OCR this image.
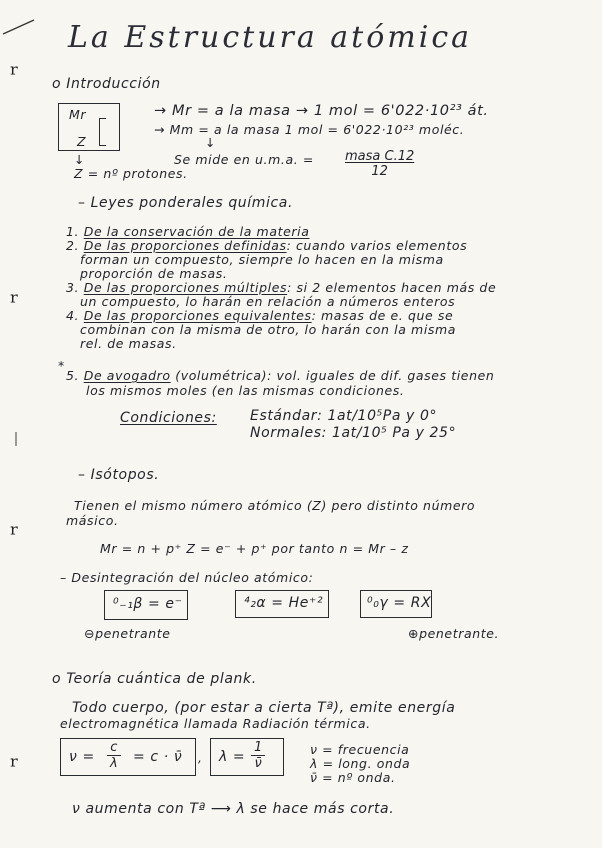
ʳ
ʳ
ʳ
ʳ
La Estructura atómica
o Introducción
Mr
Z
→ Mr = a la masa → 1 mol = 6'022·10²³ át.
→ Mm = a la masa 1 mol = 6'022·10²³ moléc.
↓
Se mide en u.m.a. = masa C.12
12
↓
Z = nº protones.
– Leyes ponderales química.
1. De la conservación de la materia
2. De las proporciones definidas: cuando varios elementos
forman un compuesto, siempre lo hacen en la misma
proporción de masas.
3. De las proporciones múltiples: si 2 elementos hacen más de
un compuesto, lo harán en relación a números enteros
4. De las proporciones equivalentes: masas de e. que se
combinan con la misma de otro, lo harán con la misma
rel. de masas.
*
5. De avogadro (volumétrica): vol. iguales de dif. gases tienen
los mismos moles (en las mismas condiciones.
Condiciones: Estándar: 1at/10⁵Pa y 0°
Normales: 1at/10⁵ Pa y 25°
– Isótopos.
Tienen el mismo número atómico (Z) pero distinto número
másico.
Mr = n + p⁺ Z = e⁻ + p⁺ por tanto n = Mr – z
– Desintegración del núcleo atómico:
⁰₋₁β = e⁻	⁴₂α = He⁺²	⁰₀γ = RX
⊖penetrante	⊕penetrante.
o Teoría cuántica de plank.
Todo cuerpo, (por estar a cierta Tª), emite energía
electromagnética llamada Radiación térmica.
$\nu = \frac{c}{\lambda} = c$ · ν̄ , $\lambda = \frac{1}{\nū}$	ν = frecuencia
λ = long. onda
ν̄ = nº onda.
ν aumenta con Tª ⟶ λ se hace más corta.
